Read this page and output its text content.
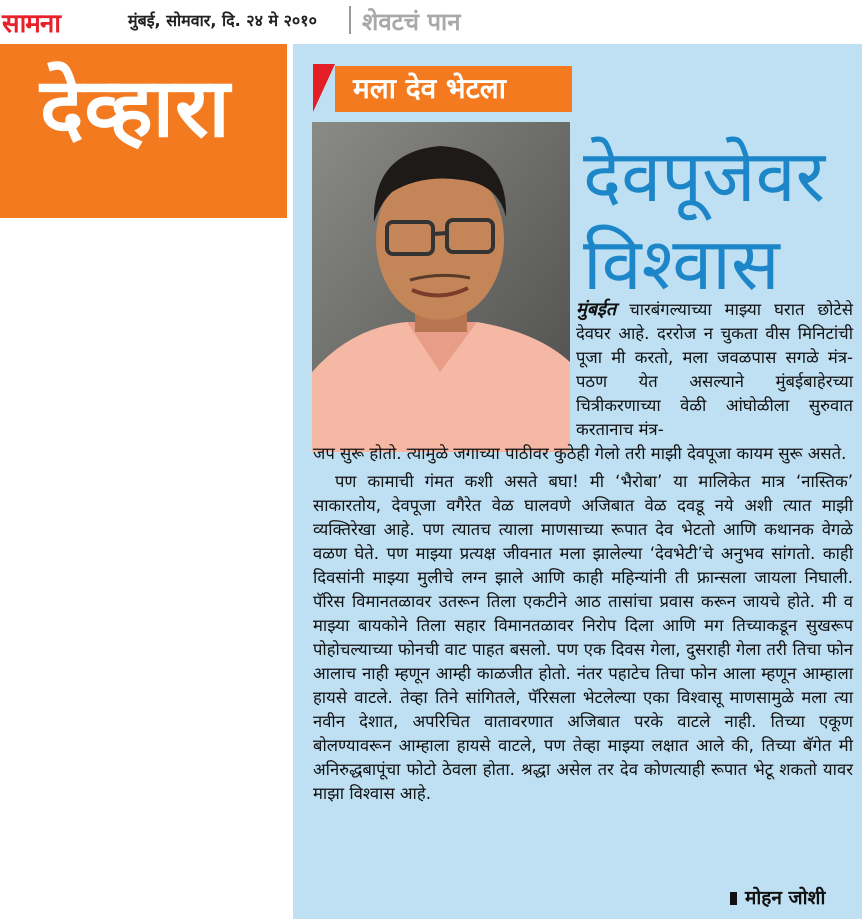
सामना	मुंबई, सोमवार, दि. २४ मे २०१० शेवटचं पान
देव्हारा	मला देव भेटला
देवपूजेवर
विश्वास
मुंबईत चारबंगल्याच्या माझ्या घरात छोटेसे देवघर आहे. दररोज न चुकता वीस मिनिटांची पूजा मी करतो, मला जवळपास सगळे मंत्र-पठण येत असल्याने मुंबईबाहेरच्या चित्रीकरणाच्या वेळी आंघोळीला सुरुवात करतानाच मंत्र-

जप सुरू होतो. त्यामुळे जगाच्या पाठीवर कुठेही गेलो तरी माझी देवपूजा कायम सुरू असते.

पण कामाची गंमत कशी असते बघा! मी ‘भैरोबा’ या मालिकेत मात्र ‘नास्तिक’ साकारतोय, देवपूजा वगैरेत वेळ घालवणे अजिबात वेळ दवडू नये अशी त्यात माझी व्यक्तिरेखा आहे. पण त्यातच त्याला माणसाच्या रूपात देव भेटतो आणि कथानक वेगळे वळण घेते. पण माझ्या प्रत्यक्ष जीवनात मला झालेल्या ‘देवभेटी’चे अनुभव सांगतो. काही दिवसांनी माझ्या मुलीचे लग्न झाले आणि काही महिन्यांनी ती फ्रान्सला जायला निघाली. पॅरिस विमानतळावर उतरून तिला एकटीने आठ तासांचा प्रवास करून जायचे होते. मी व माझ्या बायकोने तिला सहार विमानतळावर निरोप दिला आणि मग तिच्याकडून सुखरूप पोहोचल्याच्या फोनची वाट पाहत बसलो. पण एक दिवस गेला, दुसराही गेला तरी तिचा फोन आलाच नाही म्हणून आम्ही काळजीत होतो. नंतर पहाटेच तिचा फोन आला म्हणून आम्हाला हायसे वाटले. तेव्हा तिने सांगितले, पॅरिसला भेटलेल्या एका विश्वासू माणसामुळे मला त्या नवीन देशात, अपरिचित वातावरणात अजिबात परके वाटले नाही. तिच्या एकूण बोलण्यावरून आम्हाला हायसे वाटले, पण तेव्हा माझ्या लक्षात आले की, तिच्या बॅगेत मी अनिरुद्धबापूंचा फोटो ठेवला होता. श्रद्धा असेल तर देव कोणत्याही रूपात भेटू शकतो यावर माझा विश्वास आहे.

मोहन जोशी
